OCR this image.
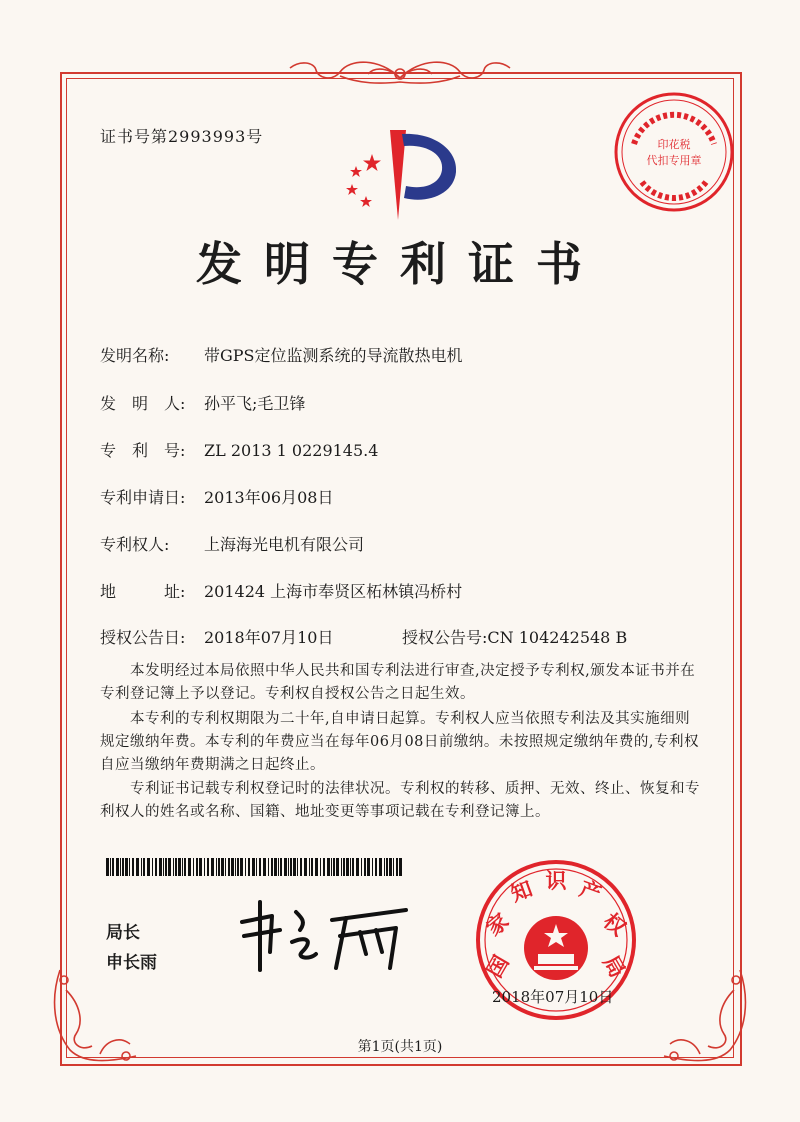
证书号第2993993号	印花税
代扣专用章
发明专利证书
发明名称: 带GPS定位监测系统的导流散热电机
发　明　人: 孙平飞;毛卫锋
专　利　号: ZL 2013 1 0229145.4
专利申请日: 2013年06月08日
专利权人: 上海海光电机有限公司
地　　　址: 201424 上海市奉贤区柘林镇冯桥村
授权公告日: 2018年07月10日	授权公告号:CN 104242548 B
本发明经过本局依照中华人民共和国专利法进行审查,决定授予专利权,颁发本证书并在专利登记簿上予以登记。专利权自授权公告之日起生效。
本专利的专利权期限为二十年,自申请日起算。专利权人应当依照专利法及其实施细则规定缴纳年费。本专利的年费应当在每年06月08日前缴纳。未按照规定缴纳年费的,专利权自应当缴纳年费期满之日起终止。
专利证书记载专利权登记时的法律状况。专利权的转移、质押、无效、终止、恢复和专利权人的姓名或名称、国籍、地址变更等事项记载在专利登记簿上。
局长
申长雨	国
家
知 识 产
权
局
2018年07月10日
第1页(共1页)
